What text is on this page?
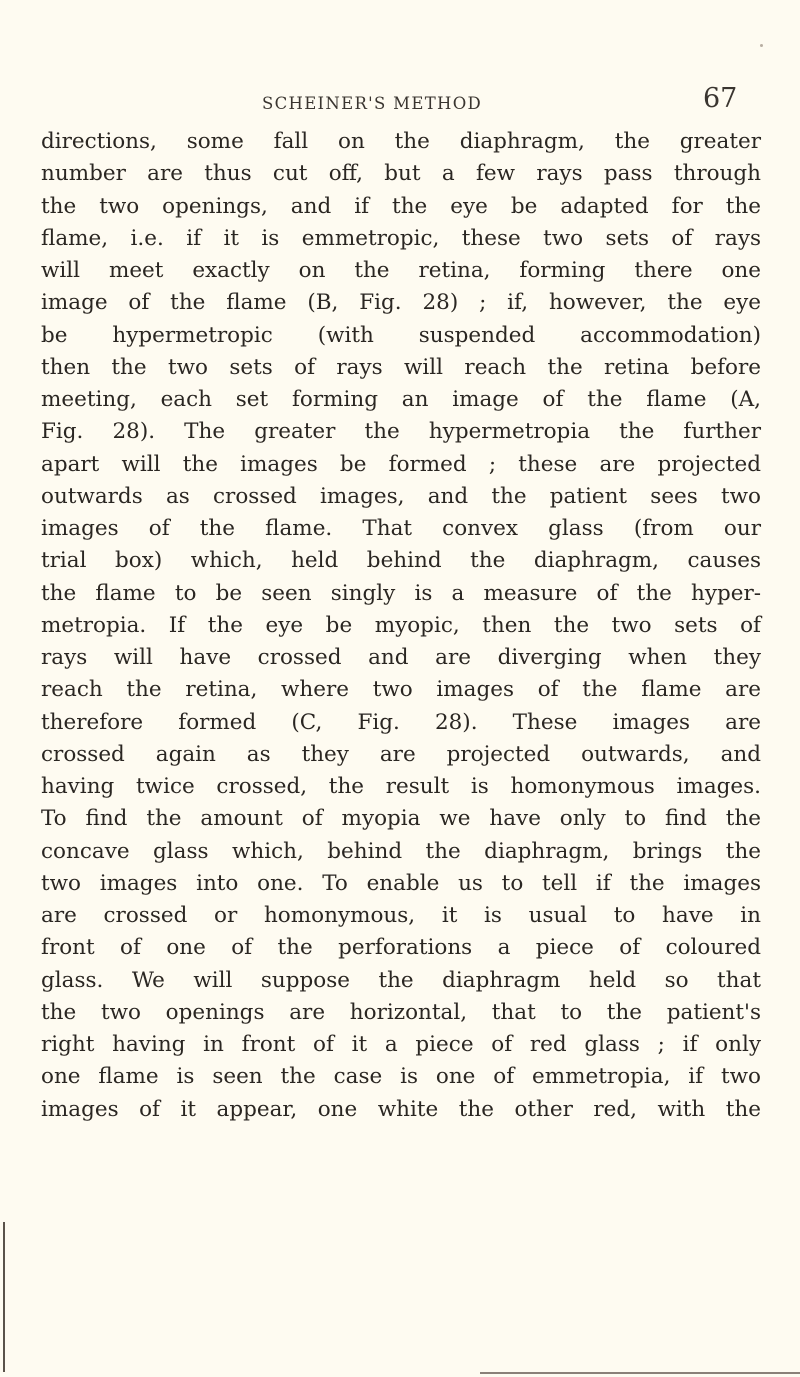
SCHEINER'S METHOD	67
directions, some fall on the diaphragm, the greater
number are thus cut off, but a few rays pass through
the two openings, and if the eye be adapted for the
flame, i.e. if it is emmetropic, these two sets of rays
will meet exactly on the retina, forming there one
image of the flame (B, Fig. 28) ; if, however, the eye
be hypermetropic (with suspended accommodation)
then the two sets of rays will reach the retina before
meeting, each set forming an image of the flame (A,
Fig. 28). The greater the hypermetropia the further
apart will the images be formed ; these are projected
outwards as crossed images, and the patient sees two
images of the flame. That convex glass (from our
trial box) which, held behind the diaphragm, causes
the flame to be seen singly is a measure of the hyper-
metropia. If the eye be myopic, then the two sets of
rays will have crossed and are diverging when they
reach the retina, where two images of the flame are
therefore formed (C, Fig. 28). These images are
crossed again as they are projected outwards, and
having twice crossed, the result is homonymous images.
To find the amount of myopia we have only to find the
concave glass which, behind the diaphragm, brings the
two images into one. To enable us to tell if the images
are crossed or homonymous, it is usual to have in
front of one of the perforations a piece of coloured
glass. We will suppose the diaphragm held so that
the two openings are horizontal, that to the patient's
right having in front of it a piece of red glass ; if only
one flame is seen the case is one of emmetropia, if two
images of it appear, one white the other red, with the
